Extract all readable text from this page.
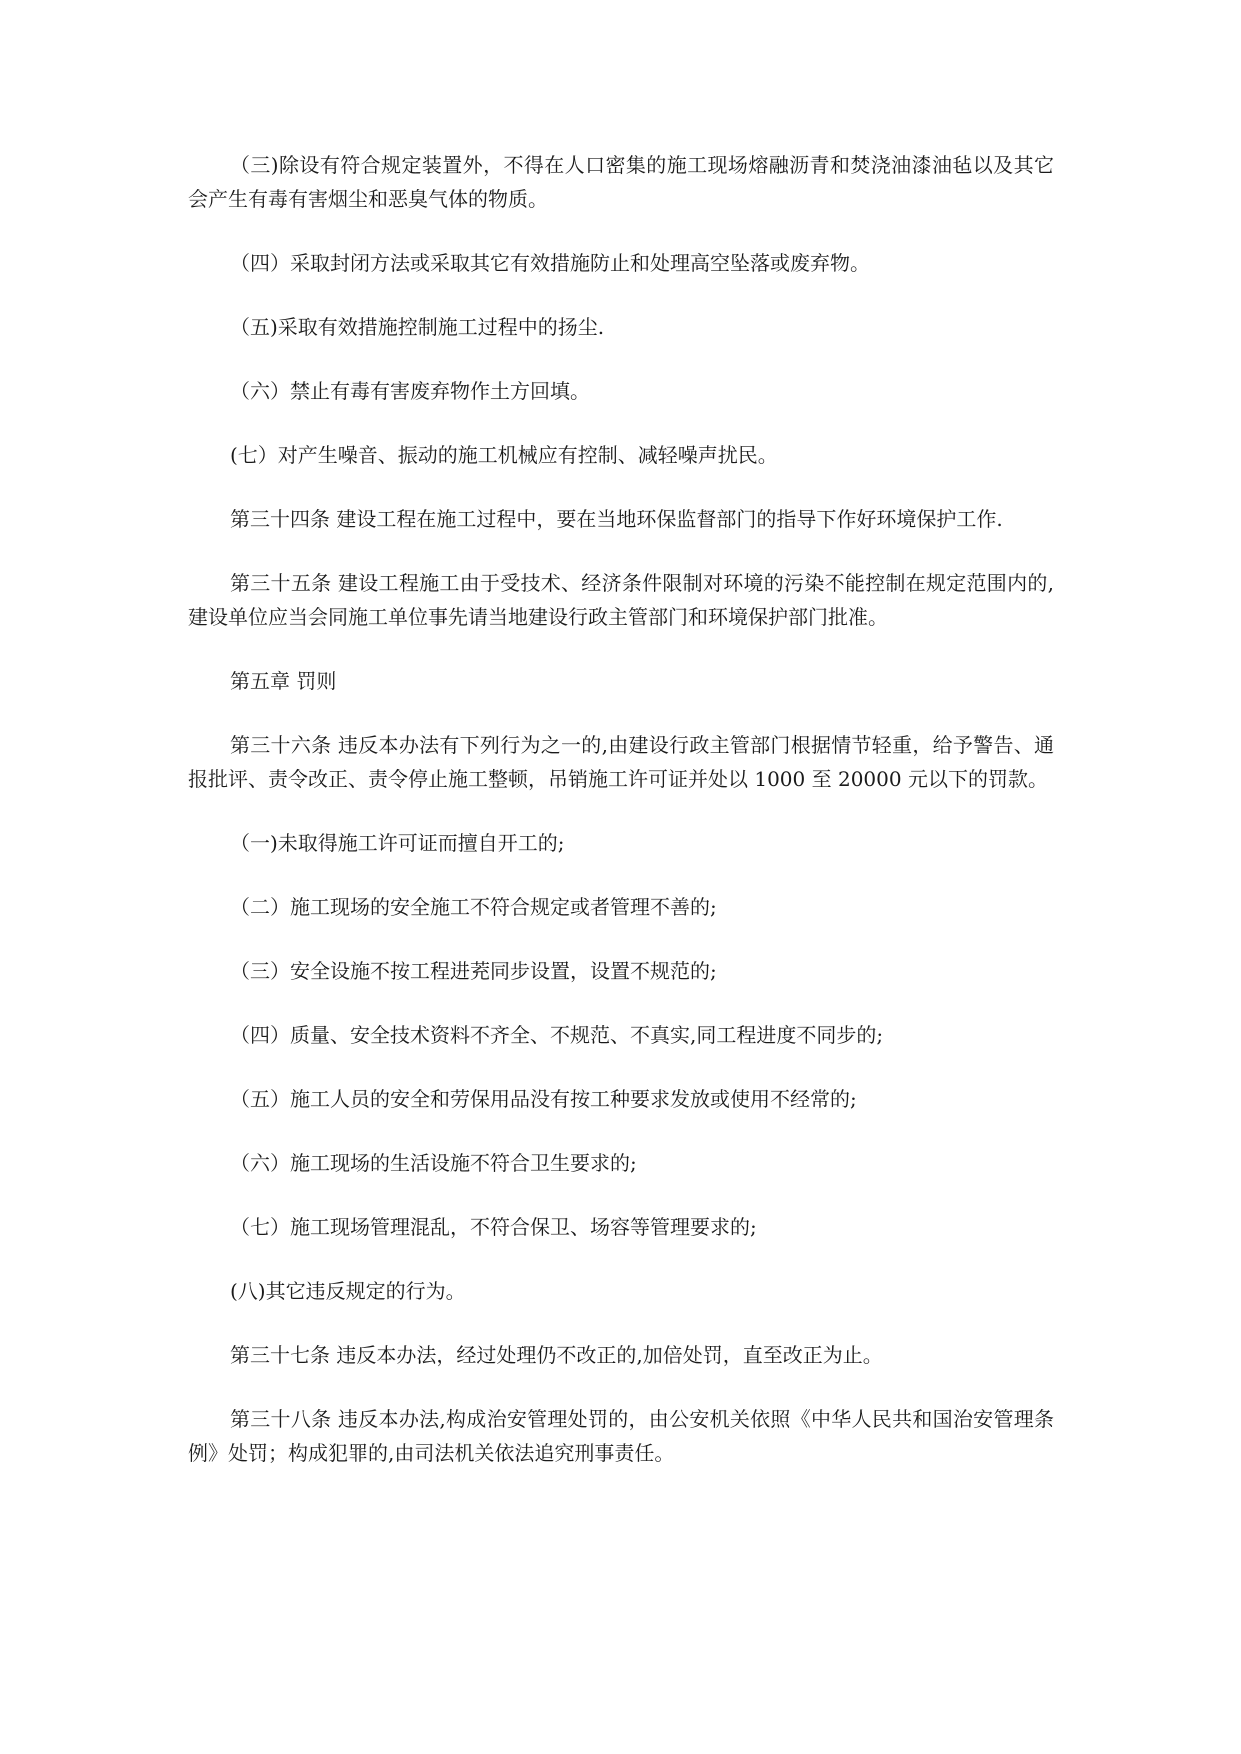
（三)除设有符合规定装置外，不得在人口密集的施工现场熔融沥青和焚浇油漆油毡以及其它会产生有毒有害烟尘和恶臭气体的物质。

（四）采取封闭方法或采取其它有效措施防止和处理高空坠落或废弃物。

（五)采取有效措施控制施工过程中的扬尘.

（六）禁止有毒有害废弃物作土方回填。

(七）对产生噪音、振动的施工机械应有控制、减轻噪声扰民。

第三十四条 建设工程在施工过程中，要在当地环保监督部门的指导下作好环境保护工作.

第三十五条 建设工程施工由于受技术、经济条件限制对环境的污染不能控制在规定范围内的,建设单位应当会同施工单位事先请当地建设行政主管部门和环境保护部门批准。

第五章 罚则

第三十六条 违反本办法有下列行为之一的,由建设行政主管部门根据情节轻重，给予警告、通报批评、责令改正、责令停止施工整顿，吊销施工许可证并处以 1000 至 20000 元以下的罚款。

（一)未取得施工许可证而擅自开工的;

（二）施工现场的安全施工不符合规定或者管理不善的;

（三）安全设施不按工程进茺同步设置，设置不规范的;

（四）质量、安全技术资料不齐全、不规范、不真实,同工程进度不同步的;

（五）施工人员的安全和劳保用品没有按工种要求发放或使用不经常的;

（六）施工现场的生活设施不符合卫生要求的;

（七）施工现场管理混乱，不符合保卫、场容等管理要求的;

(八)其它违反规定的行为。

第三十七条 违反本办法，经过处理仍不改正的,加倍处罚，直至改正为止。

第三十八条 违反本办法,构成治安管理处罚的，由公安机关依照《中华人民共和国治安管理条例》处罚；构成犯罪的,由司法机关依法追究刑事责任。
